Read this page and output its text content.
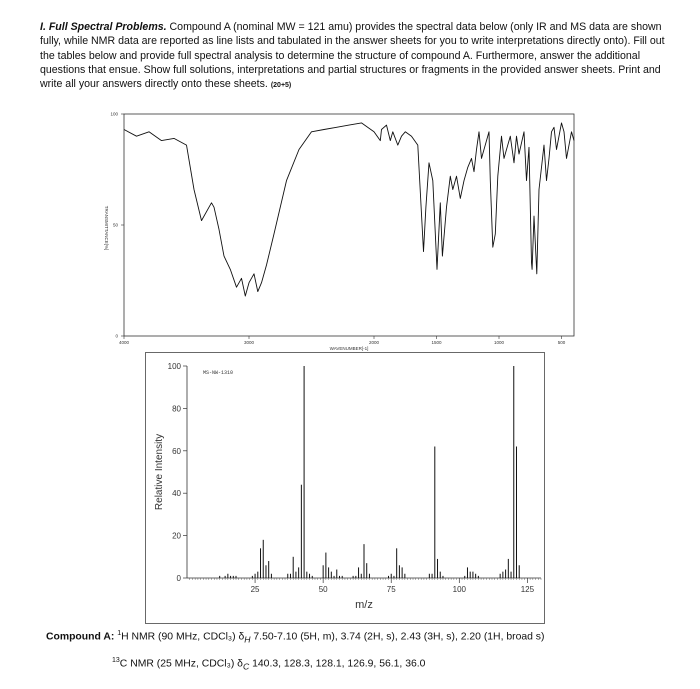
I. Full Spectral Problems. Compound A (nominal MW = 121 amu) provides the spectral data below (only IR and MS data are shown fully, while NMR data are reported as line lists and tabulated in the answer sheets for you to write interpretations directly onto). Fill out the tables below and provide full spectral analysis to determine the structure of compound A. Furthermore, answer the additional questions that ensue. Show full solutions, interpretations and partial structures or fragments in the provided answer sheets. Print and write all your answers directly onto these sheets. (20+5)
100
50
0
4000	3000	2000	1500	1000	500
TRANSMITTANCE[%]
WAVENUMBER[-1]
MS-NW-1310
Relative Intensity
m/z
0
20
40
60
80
100
25	50	75	100	125
Compound A: $^1$H NMR (90 MHz, CDCl₃) $\delta_H$ 7.50-7.10 (5H, m), 3.74 (2H, s), 2.43 (3H, s), 2.20 (1H, broad s)
$^{13}$C NMR (25 MHz, CDCl₃) $\delta_C$ 140.3, 128.3, 128.1, 126.9, 56.1, 36.0
